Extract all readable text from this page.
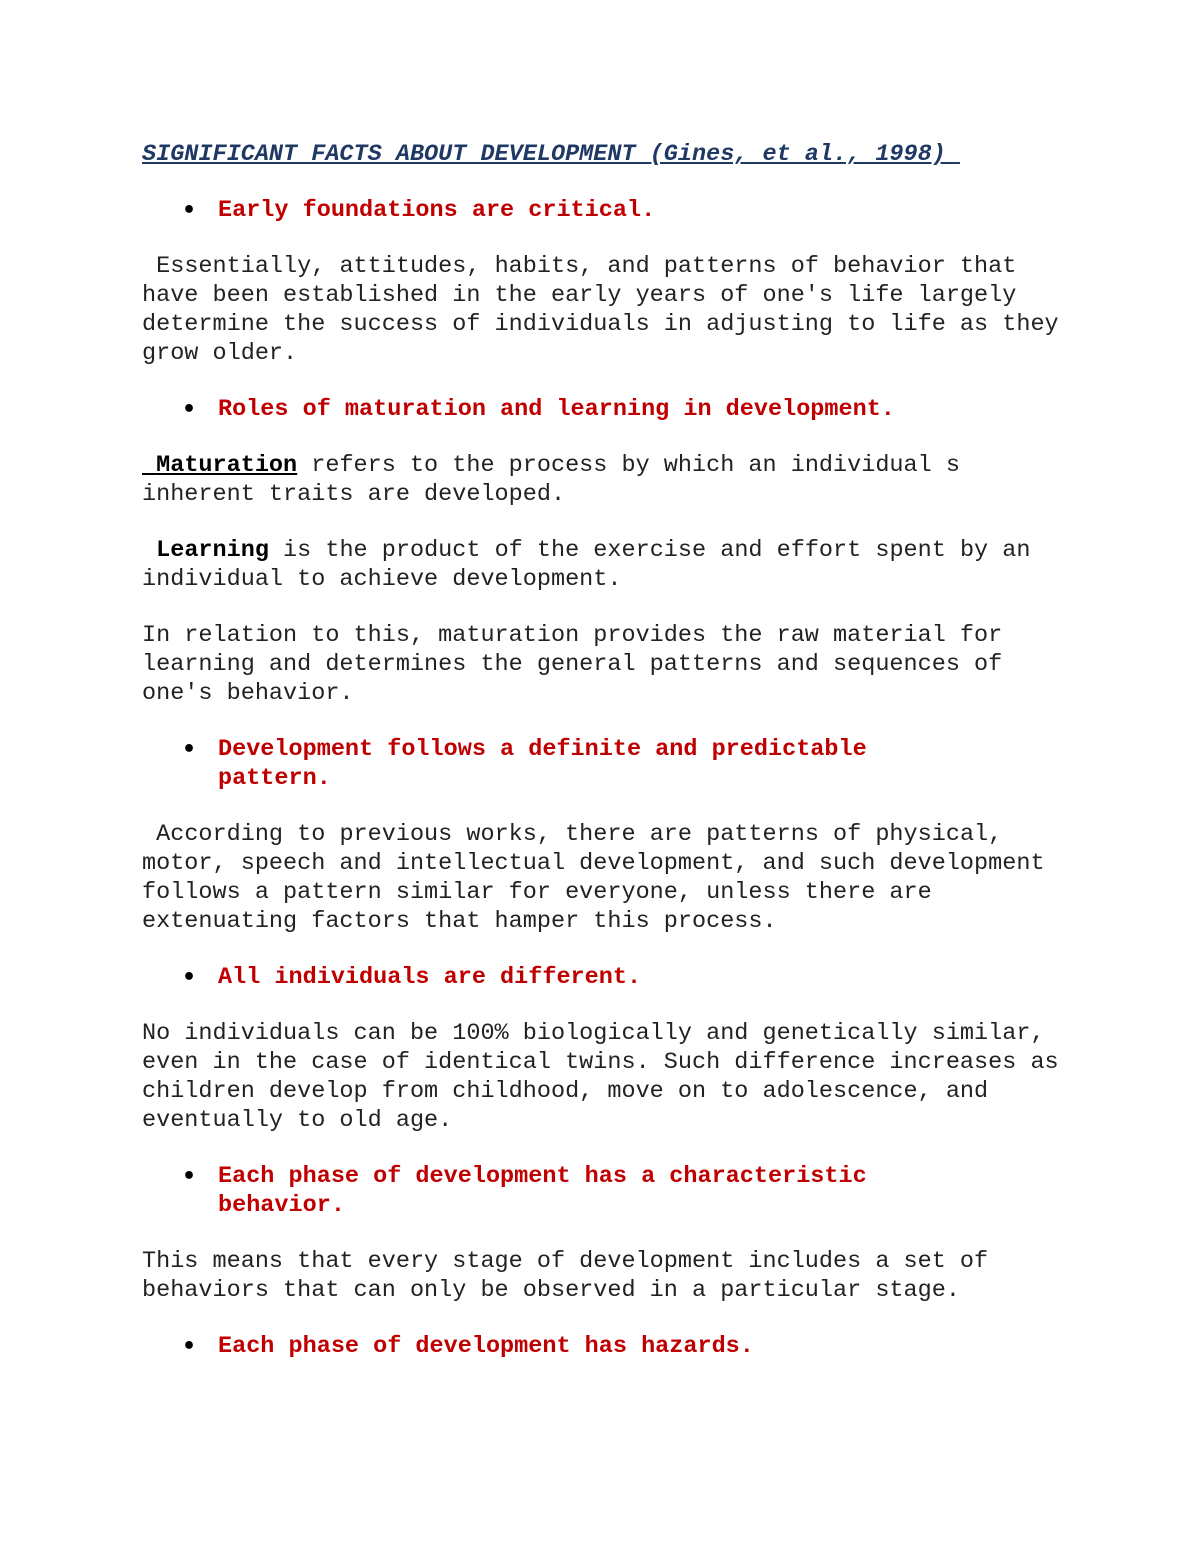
SIGNIFICANT FACTS ABOUT DEVELOPMENT (Gines, et al., 1998)
• Early foundations are critical.
Essentially, attitudes, habits, and patterns of behavior that have been established in the early years of one's life largely determine the success of individuals in adjusting to life as they grow older.
• Roles of maturation and learning in development.
Maturation refers to the process by which an individual s inherent traits are developed.
Learning is the product of the exercise and effort spent by an individual to achieve development.
In relation to this, maturation provides the raw material for learning and determines the general patterns and sequences of one's behavior.
• Development follows a definite and predictable pattern.
According to previous works, there are patterns of physical, motor, speech and intellectual development, and such development follows a pattern similar for everyone, unless there are extenuating factors that hamper this process.
• All individuals are different.
No individuals can be 100% biologically and genetically similar, even in the case of identical twins. Such difference increases as children develop from childhood, move on to adolescence, and eventually to old age.
• Each phase of development has a characteristic behavior.
This means that every stage of development includes a set of behaviors that can only be observed in a particular stage.
• Each phase of development has hazards.
